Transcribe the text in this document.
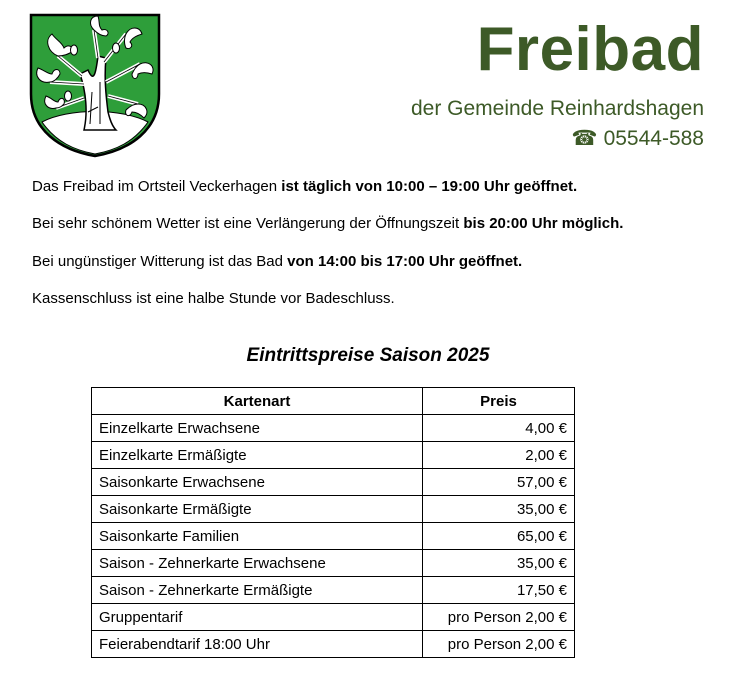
Freibad
der Gemeinde Reinhardshagen
☎ 05544-588

Das Freibad im Ortsteil Veckerhagen ist täglich von 10:00 – 19:00 Uhr geöffnet.

Bei sehr schönem Wetter ist eine Verlängerung der Öffnungszeit bis 20:00 Uhr möglich.

Bei ungünstiger Witterung ist das Bad von 14:00 bis 17:00 Uhr geöffnet.

Kassenschluss ist eine halbe Stunde vor Badeschluss.

Eintrittspreise Saison 2025
Kartenart	Preis
Einzelkarte Erwachsene	4,00 €
Einzelkarte Ermäßigte	2,00 €
Saisonkarte Erwachsene	57,00 €
Saisonkarte Ermäßigte	35,00 €
Saisonkarte Familien	65,00 €
Saison - Zehnerkarte Erwachsene	35,00 €
Saison - Zehnerkarte Ermäßigte	17,50 €
Gruppentarif	pro Person 2,00 €
Feierabendtarif 18:00 Uhr	pro Person 2,00 €
